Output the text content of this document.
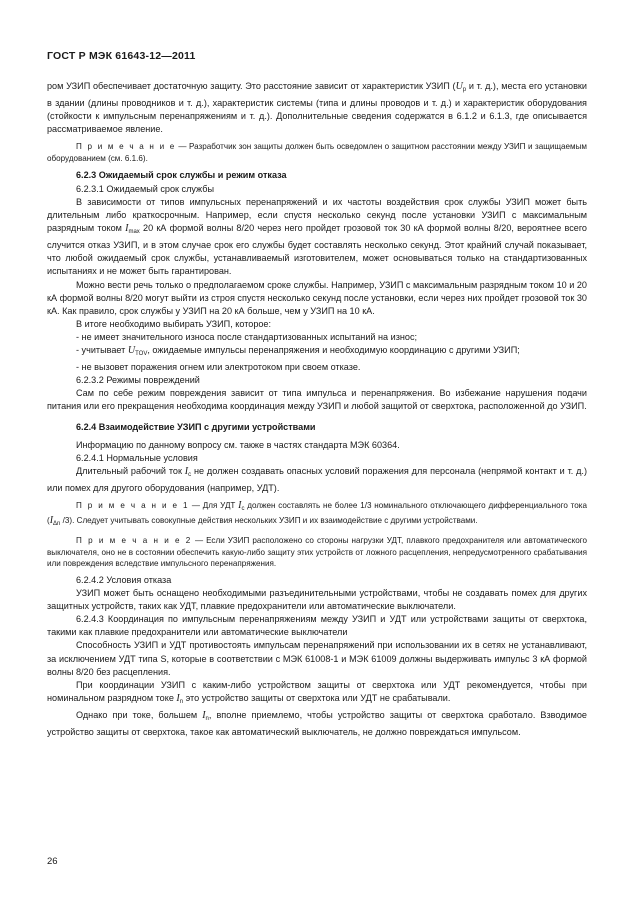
ГОСТ Р МЭК 61643-12—2011

ром УЗИП обеспечивает достаточную защиту. Это расстояние зависит от характеристик УЗИП ($U_p$ и т. д.), места его установки в здании (длины проводников и т. д.), характеристик системы (типа и длины проводов и т. д.) и характеристик оборудования (стойкости к импульсным перенапряжениям и т. д.). Дополнительные сведения содержатся в 6.1.2 и 6.1.3, где описывается рассматриваемое явление.

П р и м е ч а н и е — Разработчик зон защиты должен быть осведомлен о защитном расстоянии между УЗИП и защищаемым оборудованием (см. 6.1.6).

6.2.3 Ожидаемый срок службы и режим отказа

6.2.3.1 Ожидаемый срок службы

В зависимости от типов импульсных перенапряжений и их частоты воздействия срок службы УЗИП может быть длительным либо краткосрочным. Например, если спустя несколько секунд после установки УЗИП с максимальным разрядным током $I_{max}$ 20 кА формой волны 8/20 через него пройдет грозовой ток 30 кА формой волны 8/20, вероятнее всего случится отказ УЗИП, и в этом случае срок его службы будет составлять несколько секунд. Этот крайний случай показывает, что любой ожидаемый срок службы, устанавливаемый изготовителем, может основываться только на стандартизованных испытаниях и не может быть гарантирован.

Можно вести речь только о предполагаемом сроке службы. Например, УЗИП с максимальным разрядным током 10 и 20 кА формой волны 8/20 могут выйти из строя спустя несколько секунд после установки, если через них пройдет грозовой ток 30 кА. Как правило, срок службы у УЗИП на 20 кА больше, чем у УЗИП на 10 кА.

В итоге необходимо выбирать УЗИП, которое:

- не имеет значительного износа после стандартизованных испытаний на износ;

- учитывает $U_{TOV}$, ожидаемые импульсы перенапряжения и необходимую координацию с другими УЗИП;

- не вызовет поражения огнем или электротоком при своем отказе.

6.2.3.2 Режимы повреждений

Сам по себе режим повреждения зависит от типа импульса и перенапряжения. Во избежание нарушения подачи питания или его прекращения необходима координация между УЗИП и любой защитой от сверхтока, расположенной до УЗИП.

6.2.4 Взаимодействие УЗИП с другими устройствами

Информацию по данному вопросу см. также в частях стандарта МЭК 60364.

6.2.4.1 Нормальные условия

Длительный рабочий ток $I_c$ не должен создавать опасных условий поражения для персонала (непрямой контакт и т. д.) или помех для другого оборудования (например, УДТ).

П р и м е ч а н и е 1 — Для УДТ $I_c$ должен составлять не более 1/3 номинального отключающего дифференциального тока ($I_{\Delta n}$ /3). Следует учитывать совокупные действия нескольких УЗИП и их взаимодействие с другими устройствами.

П р и м е ч а н и е 2 — Если УЗИП расположено со стороны нагрузки УДТ, плавкого предохранителя или автоматического выключателя, оно не в состоянии обеспечить какую-либо защиту этих устройств от ложного расцепления, непредусмотренного срабатывания или повреждения вследствие импульсного перенапряжения.

6.2.4.2 Условия отказа

УЗИП может быть оснащено необходимыми разъединительными устройствами, чтобы не создавать помех для других защитных устройств, таких как УДТ, плавкие предохранители или автоматические выключатели.

6.2.4.3 Координация по импульсным перенапряжениям между УЗИП и УДТ или устройствами защиты от сверхтока, такими как плавкие предохранители или автоматические выключатели

Способность УЗИП и УДТ противостоять импульсам перенапряжений при использовании их в сетях не устанавливают, за исключением УДТ типа S, которые в соответствии с МЭК 61008-1 и МЭК 61009 должны выдерживать импульс 3 кА формой волны 8/20 без расцепления.

При координации УЗИП с каким-либо устройством защиты от сверхтока или УДТ рекомендуется, чтобы при номинальном разрядном токе $I_n$ это устройство защиты от сверхтока или УДТ не срабатывали.

Однако при токе, большем $I_n$, вполне приемлемо, чтобы устройство защиты от сверхтока сработало. Взводимое устройство защиты от сверхтока, такое как автоматический выключатель, не должно повреждаться импульсом.

26
